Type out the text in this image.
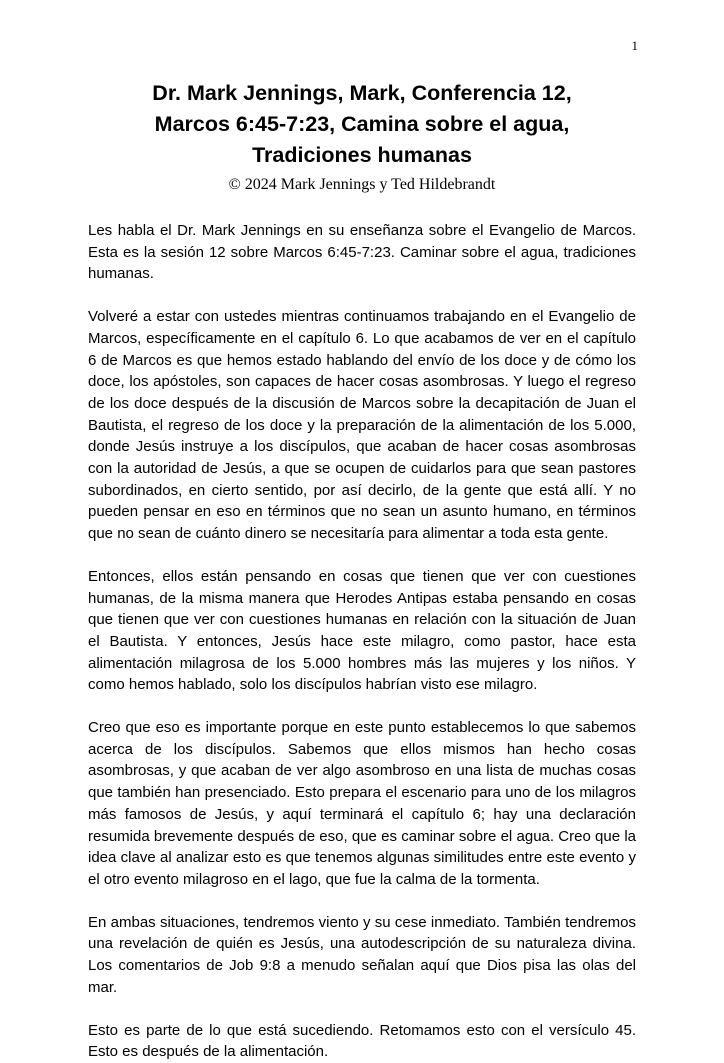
1
Dr. Mark Jennings, Mark, Conferencia 12,
Marcos 6:45-7:23, Camina sobre el agua,
Tradiciones humanas
© 2024 Mark Jennings y Ted Hildebrandt

Les habla el Dr. Mark Jennings en su enseñanza sobre el Evangelio de Marcos. Esta es la sesión 12 sobre Marcos 6:45-7:23. Caminar sobre el agua, tradiciones humanas.

Volveré a estar con ustedes mientras continuamos trabajando en el Evangelio de Marcos, específicamente en el capítulo 6. Lo que acabamos de ver en el capítulo 6 de Marcos es que hemos estado hablando del envío de los doce y de cómo los doce, los apóstoles, son capaces de hacer cosas asombrosas. Y luego el regreso de los doce después de la discusión de Marcos sobre la decapitación de Juan el Bautista, el regreso de los doce y la preparación de la alimentación de los 5.000, donde Jesús instruye a los discípulos, que acaban de hacer cosas asombrosas con la autoridad de Jesús, a que se ocupen de cuidarlos para que sean pastores subordinados, en cierto sentido, por así decirlo, de la gente que está allí. Y no pueden pensar en eso en términos que no sean un asunto humano, en términos que no sean de cuánto dinero se necesitaría para alimentar a toda esta gente.

Entonces, ellos están pensando en cosas que tienen que ver con cuestiones humanas, de la misma manera que Herodes Antipas estaba pensando en cosas que tienen que ver con cuestiones humanas en relación con la situación de Juan el Bautista. Y entonces, Jesús hace este milagro, como pastor, hace esta alimentación milagrosa de los 5.000 hombres más las mujeres y los niños. Y como hemos hablado, solo los discípulos habrían visto ese milagro.

Creo que eso es importante porque en este punto establecemos lo que sabemos acerca de los discípulos. Sabemos que ellos mismos han hecho cosas asombrosas, y que acaban de ver algo asombroso en una lista de muchas cosas que también han presenciado. Esto prepara el escenario para uno de los milagros más famosos de Jesús, y aquí terminará el capítulo 6; hay una declaración resumida brevemente después de eso, que es caminar sobre el agua. Creo que la idea clave al analizar esto es que tenemos algunas similitudes entre este evento y el otro evento milagroso en el lago, que fue la calma de la tormenta.

En ambas situaciones, tendremos viento y su cese inmediato. También tendremos una revelación de quién es Jesús, una autodescripción de su naturaleza divina. Los comentarios de Job 9:8 a menudo señalan aquí que Dios pisa las olas del mar.

Esto es parte de lo que está sucediendo. Retomamos esto con el versículo 45. Esto es después de la alimentación.
